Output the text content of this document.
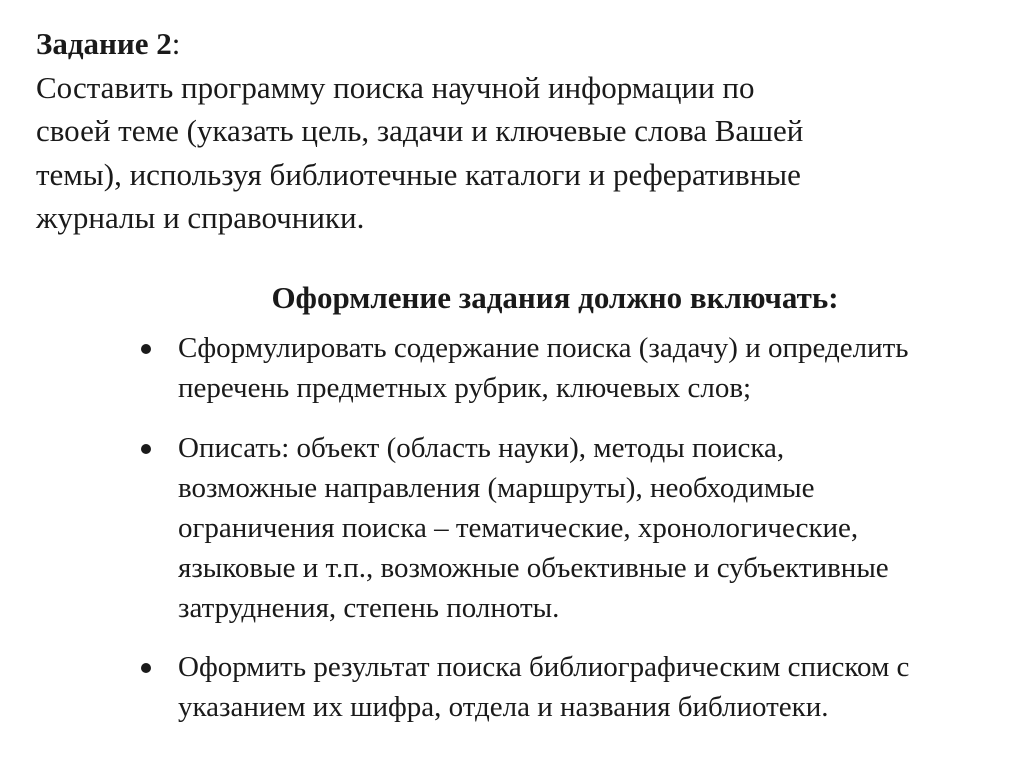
Задание 2:
Составить программу поиска научной информации по
своей теме (указать цель, задачи и ключевые слова Вашей
темы), используя библиотечные каталоги и реферативные
журналы и справочники.
Оформление задания должно включать:
Сформулировать содержание поиска (задачу) и определить
перечень предметных рубрик, ключевых слов;
Описать: объект (область науки), методы поиска,
возможные направления (маршруты), необходимые
ограничения поиска – тематические, хронологические,
языковые и т.п., возможные объективные и субъективные
затруднения, степень полноты.
Оформить результат поиска библиографическим списком с
указанием их шифра, отдела и названия библиотеки.
